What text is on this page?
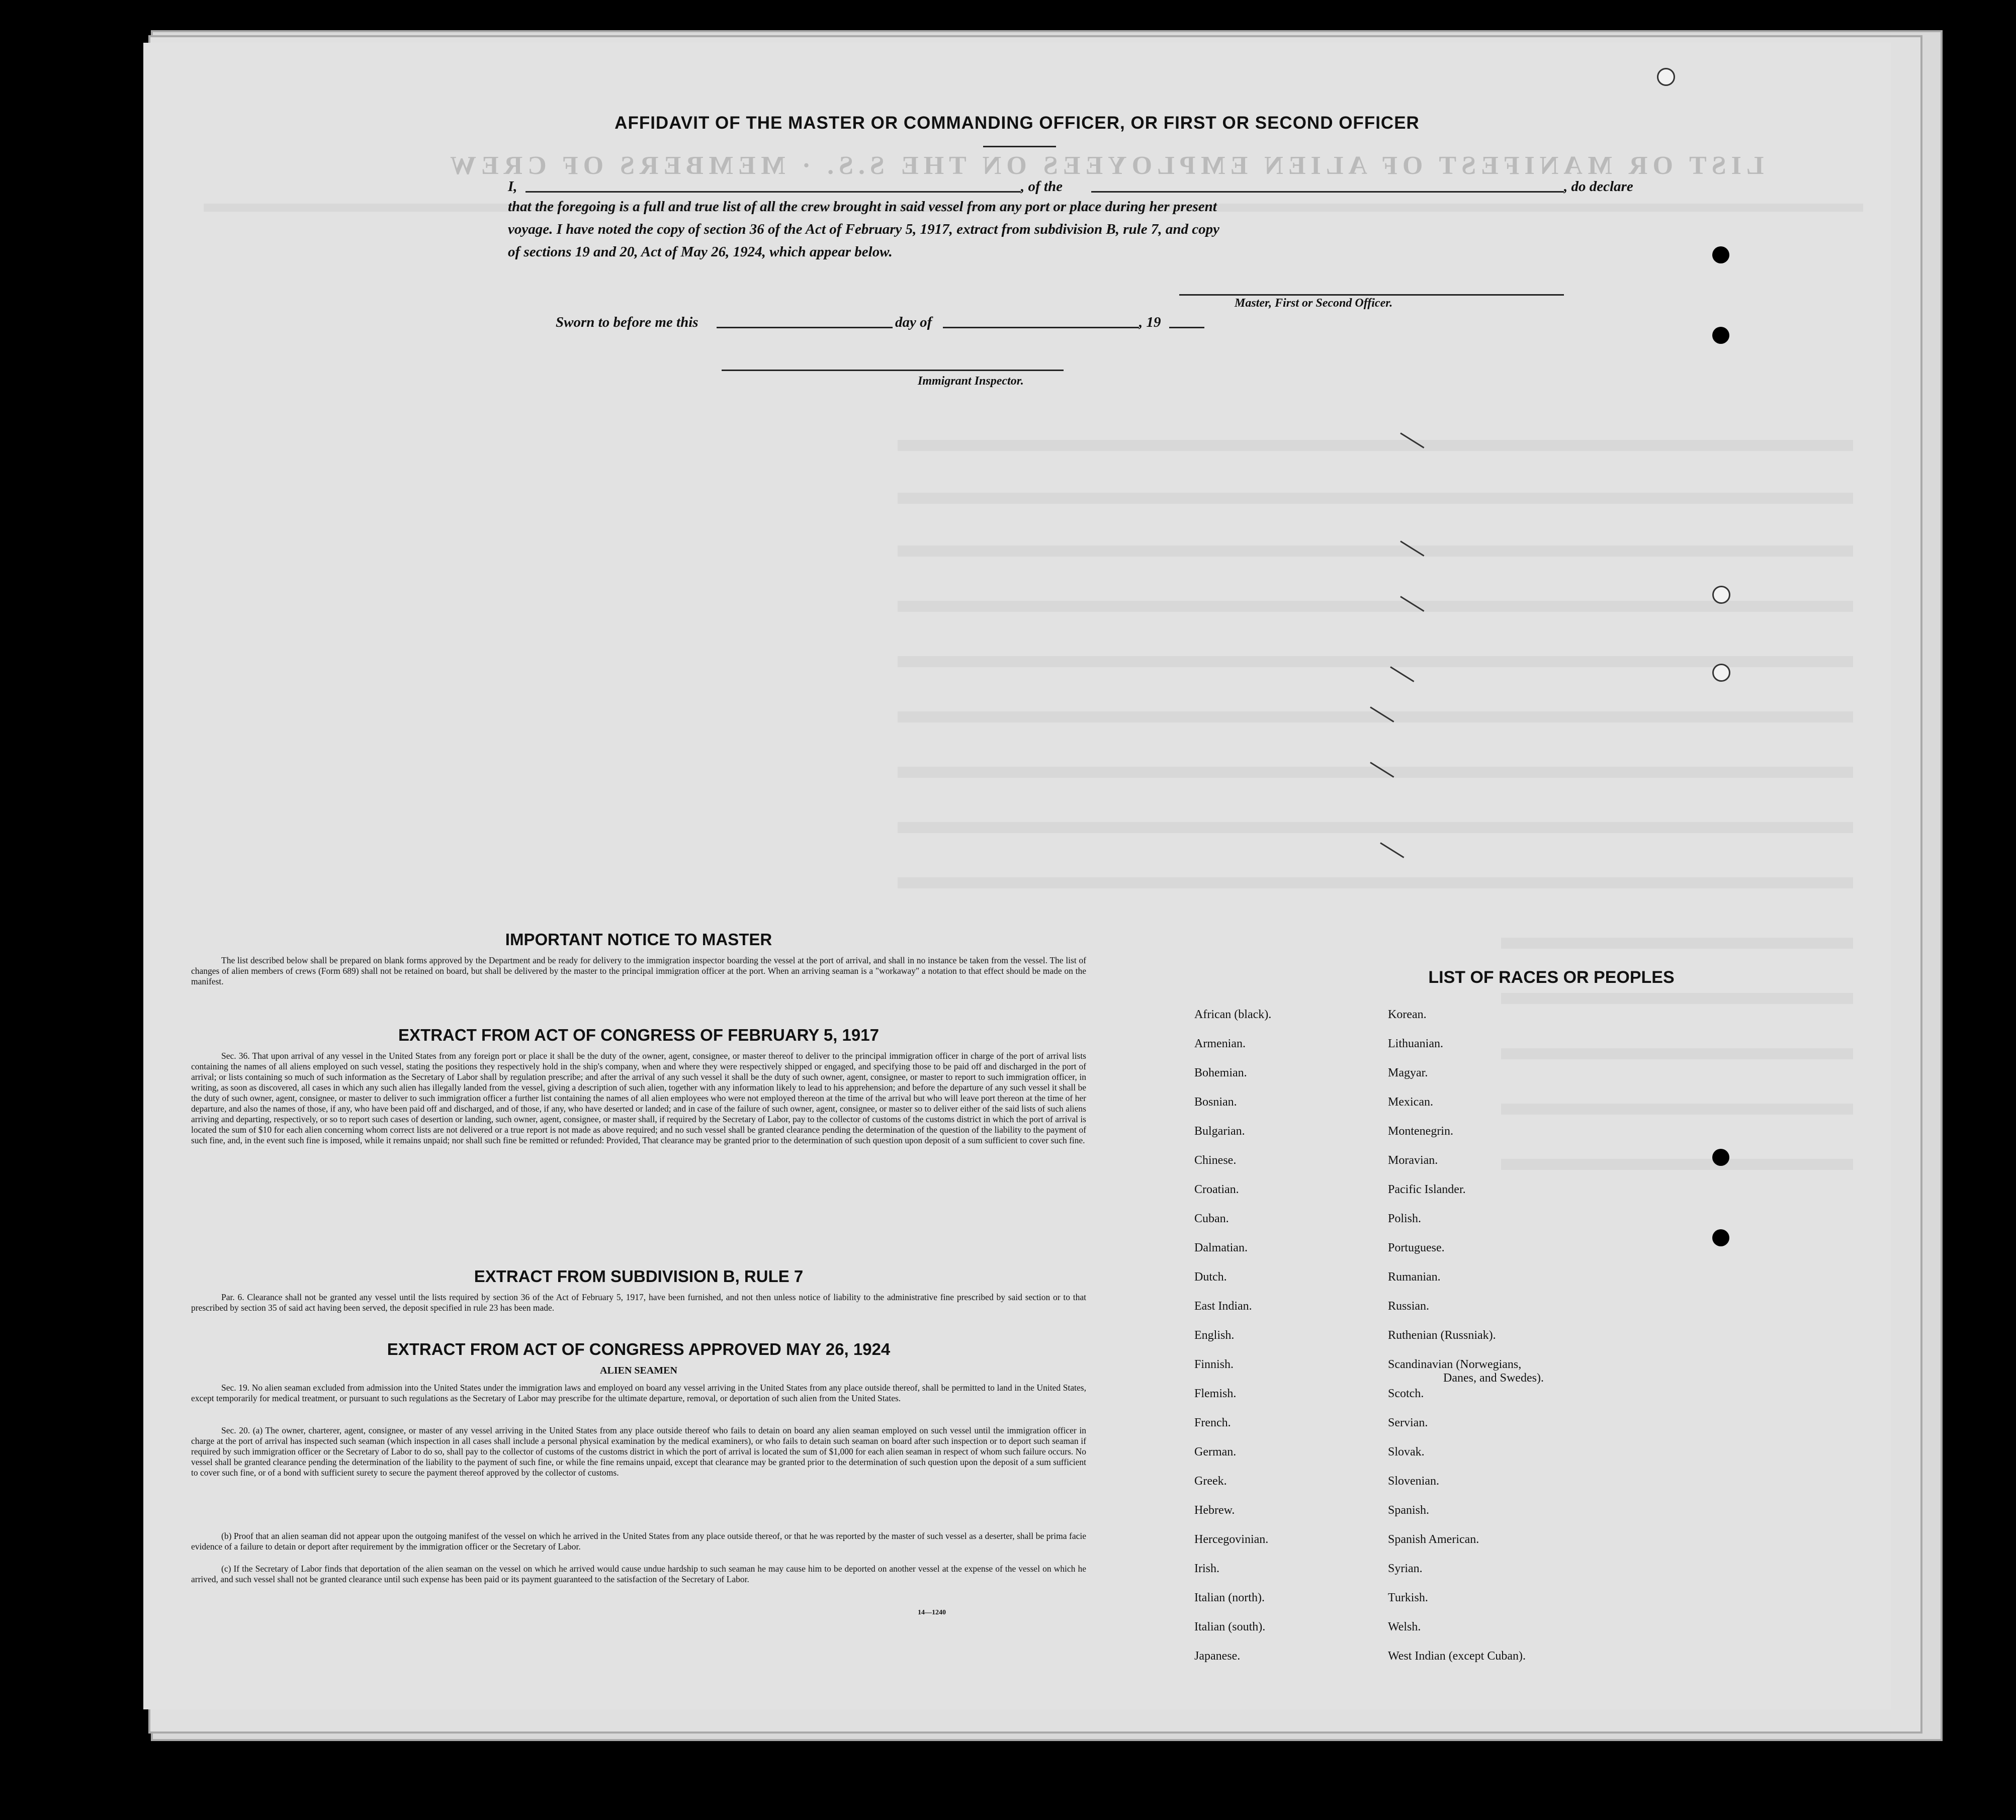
LIST OR MANIFEST OF ALIEN EMPLOYEES ON THE S.S. · MEMBERS OF CREW
AFFIDAVIT OF THE MASTER OR COMMANDING OFFICER, OR FIRST OR SECOND OFFICER
I,	, of the	, do declare
that the foregoing is a full and true list of all the crew brought in said vessel from any port or place during her present
voyage. I have noted the copy of section 36 of the Act of February 5, 1917, extract from subdivision B, rule 7, and copy
of sections 19 and 20, Act of May 26, 1924, which appear below.
Master, First or Second Officer.
Sworn to before me this	day of	, 19
Immigrant Inspector.
IMPORTANT NOTICE TO MASTER
The list described below shall be prepared on blank forms approved by the Department and be ready for delivery to the immigration inspector boarding the vessel at the port of arrival, and shall in no instance be taken from the vessel. The list of changes of alien members of crews (Form 689) shall not be retained on board, but shall be delivered by the master to the principal immigration officer at the port. When an arriving seaman is a "workaway" a notation to that effect should be made on the manifest.
EXTRACT FROM ACT OF CONGRESS OF FEBRUARY 5, 1917
Sec. 36. That upon arrival of any vessel in the United States from any foreign port or place it shall be the duty of the owner, agent, consignee, or master thereof to deliver to the principal immigration officer in charge of the port of arrival lists containing the names of all aliens employed on such vessel, stating the positions they respectively hold in the ship's company, when and where they were respectively shipped or engaged, and specifying those to be paid off and discharged in the port of arrival; or lists containing so much of such information as the Secretary of Labor shall by regulation prescribe; and after the arrival of any such vessel it shall be the duty of such owner, agent, consignee, or master to report to such immigration officer, in writing, as soon as discovered, all cases in which any such alien has illegally landed from the vessel, giving a description of such alien, together with any information likely to lead to his apprehension; and before the departure of any such vessel it shall be the duty of such owner, agent, consignee, or master to deliver to such immigration officer a further list containing the names of all alien employees who were not employed thereon at the time of the arrival but who will leave port thereon at the time of her departure, and also the names of those, if any, who have been paid off and discharged, and of those, if any, who have deserted or landed; and in case of the failure of such owner, agent, consignee, or master so to deliver either of the said lists of such aliens arriving and departing, respectively, or so to report such cases of desertion or landing, such owner, agent, consignee, or master shall, if required by the Secretary of Labor, pay to the collector of customs of the customs district in which the port of arrival is located the sum of $10 for each alien concerning whom correct lists are not delivered or a true report is not made as above required; and no such vessel shall be granted clearance pending the determination of the question of the liability to the payment of such fine, and, in the event such fine is imposed, while it remains unpaid; nor shall such fine be remitted or refunded: Provided, That clearance may be granted prior to the determination of such question upon deposit of a sum sufficient to cover such fine.
EXTRACT FROM SUBDIVISION B, RULE 7
Par. 6. Clearance shall not be granted any vessel until the lists required by section 36 of the Act of February 5, 1917, have been furnished, and not then unless notice of liability to the administrative fine prescribed by said section or to that prescribed by section 35 of said act having been served, the deposit specified in rule 23 has been made.
EXTRACT FROM ACT OF CONGRESS APPROVED MAY 26, 1924
ALIEN SEAMEN
Sec. 19. No alien seaman excluded from admission into the United States under the immigration laws and employed on board any vessel arriving in the United States from any place outside thereof, shall be permitted to land in the United States, except temporarily for medical treatment, or pursuant to such regulations as the Secretary of Labor may prescribe for the ultimate departure, removal, or deportation of such alien from the United States.
Sec. 20. (a) The owner, charterer, agent, consignee, or master of any vessel arriving in the United States from any place outside thereof who fails to detain on board any alien seaman employed on such vessel until the immigration officer in charge at the port of arrival has inspected such seaman (which inspection in all cases shall include a personal physical examination by the medical examiners), or who fails to detain such seaman on board after such inspection or to deport such seaman if required by such immigration officer or the Secretary of Labor to do so, shall pay to the collector of customs of the customs district in which the port of arrival is located the sum of $1,000 for each alien seaman in respect of whom such failure occurs. No vessel shall be granted clearance pending the determination of the liability to the payment of such fine, or while the fine remains unpaid, except that clearance may be granted prior to the determination of such question upon the deposit of a sum sufficient to cover such fine, or of a bond with sufficient surety to secure the payment thereof approved by the collector of customs.
(b) Proof that an alien seaman did not appear upon the outgoing manifest of the vessel on which he arrived in the United States from any place outside thereof, or that he was reported by the master of such vessel as a deserter, shall be prima facie evidence of a failure to detain or deport after requirement by the immigration officer or the Secretary of Labor.
(c) If the Secretary of Labor finds that deportation of the alien seaman on the vessel on which he arrived would cause undue hardship to such seaman he may cause him to be deported on another vessel at the expense of the vessel on which he arrived, and such vessel shall not be granted clearance until such expense has been paid or its payment guaranteed to the satisfaction of the Secretary of Labor.
14—1240
LIST OF RACES OR PEOPLES
African (black).
Armenian.
Bohemian.
Bosnian.
Bulgarian.
Chinese.
Croatian.
Cuban.
Dalmatian.
Dutch.
East Indian.
English.
Finnish.
Flemish.
French.
German.
Greek.
Hebrew.
Hercegovinian.
Irish.
Italian (north).
Italian (south).
Japanese.
Korean.
Lithuanian.
Magyar.
Mexican.
Montenegrin.
Moravian.
Pacific Islander.
Polish.
Portuguese.
Rumanian.
Russian.
Ruthenian (Russniak).
Scandinavian (Norwegians,
Danes, and Swedes).
Scotch.
Servian.
Slovak.
Slovenian.
Spanish.
Spanish American.
Syrian.
Turkish.
Welsh.
West Indian (except Cuban).
